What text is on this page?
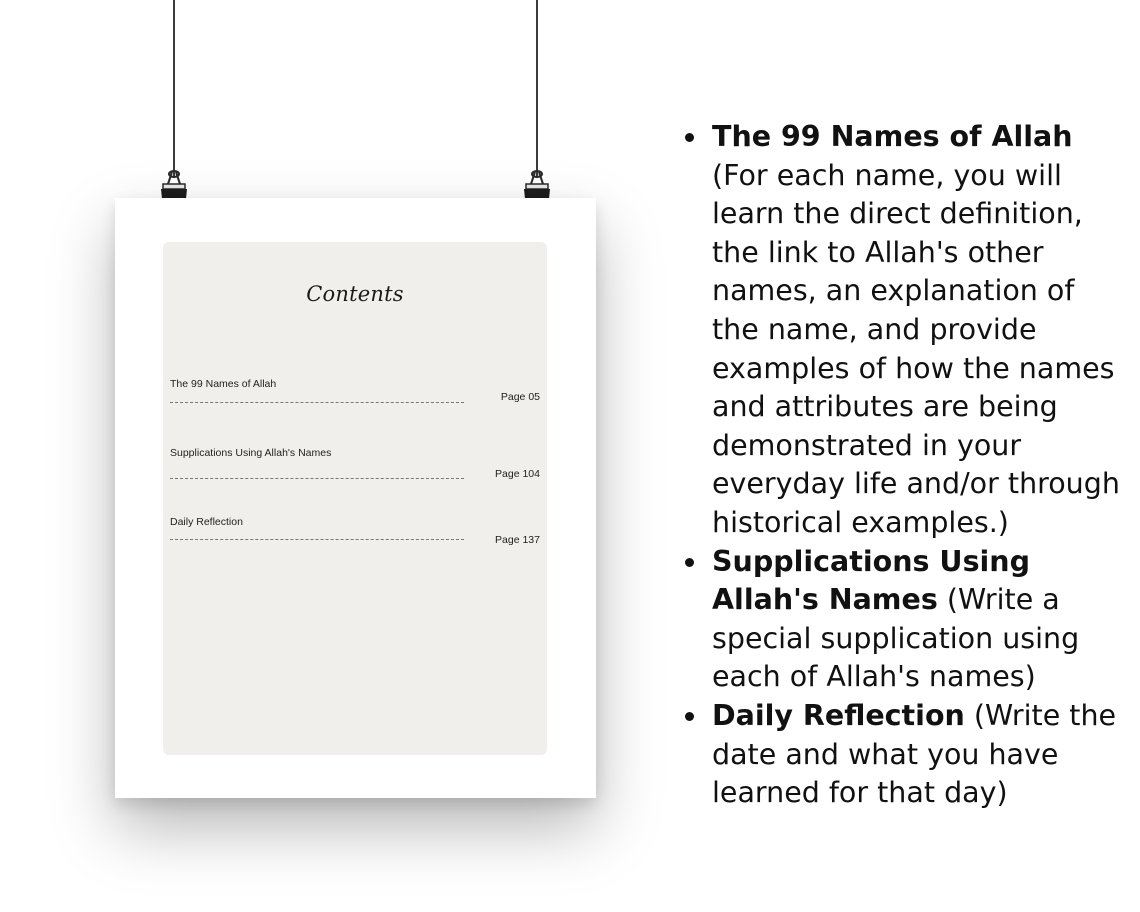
Contents
The 99 Names of Allah
Page 05
Supplications Using Allah's Names
Page 104
Daily Reflection
Page 137
The 99 Names of Allah (For each name, you will learn the direct definition, the link to Allah's other names, an explanation of the name, and provide examples of how the names and attributes are being demonstrated in your everyday life and/or through historical examples.)
Supplications Using Allah's Names (Write a special supplication using each of Allah's names)
Daily Reflection (Write the date and what you have learned for that day)
